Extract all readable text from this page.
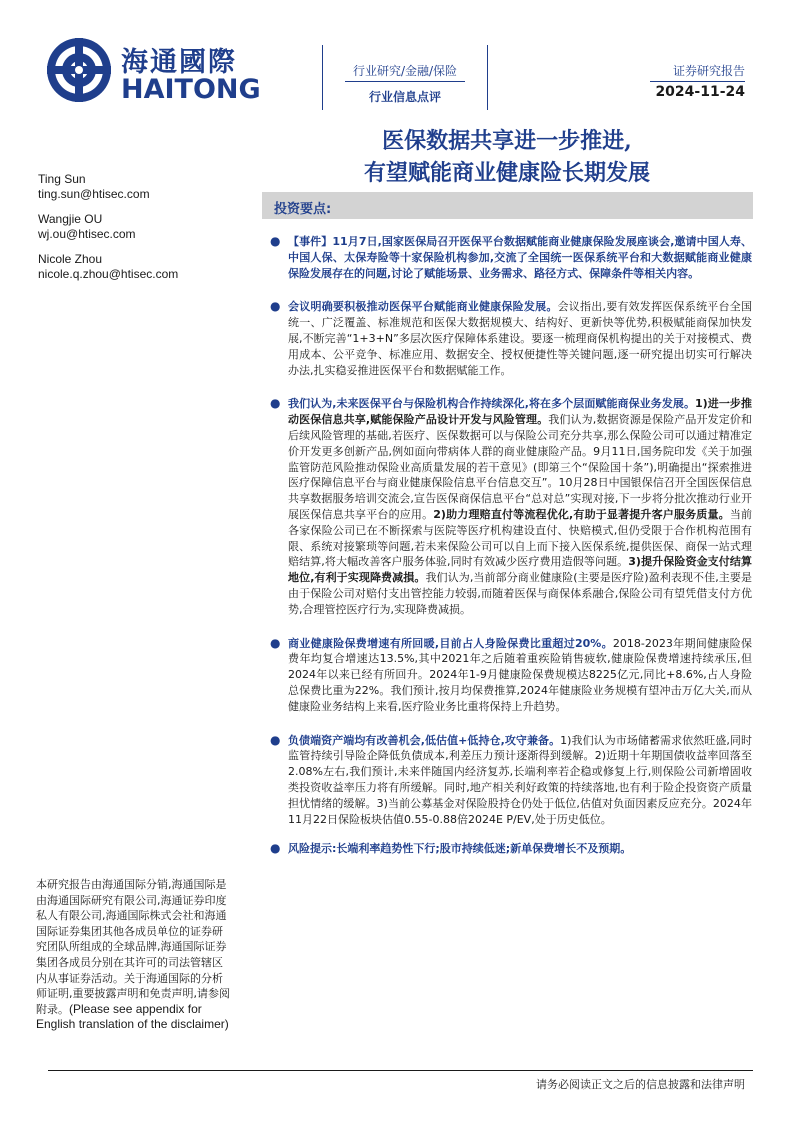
海通國際
HAITONG
行业研究/金融/保险
行业信息点评
证券研究报告
2024-11-24
医保数据共享进一步推进,
有望赋能商业健康险长期发展
Ting Sun
ting.sun@htisec.com
Wangjie OU
wj.ou@htisec.com
Nicole Zhou
nicole.q.zhou@htisec.com
投资要点:
● 【事件】11月7日,国家医保局召开医保平台数据赋能商业健康保险发展座谈会,邀请中国人寿、中国人保、太保寿险等十家保险机构参加,交流了全国统一医保系统平台和大数据赋能商业健康保险发展存在的问题,讨论了赋能场景、业务需求、路径方式、保障条件等相关内容。
● 会议明确要积极推动医保平台赋能商业健康保险发展。会议指出,要有效发挥医保系统平台全国统一、广泛覆盖、标准规范和医保大数据规模大、结构好、更新快等优势,积极赋能商保加快发展,不断完善“1+3+N”多层次医疗保障体系建设。要逐一梳理商保机构提出的关于对接模式、费用成本、公平竞争、标准应用、数据安全、授权便捷性等关键问题,逐一研究提出切实可行解决办法,扎实稳妥推进医保平台和数据赋能工作。
● 我们认为,未来医保平台与保险机构合作持续深化,将在多个层面赋能商保业务发展。1)进一步推动医保信息共享,赋能保险产品设计开发与风险管理。我们认为,数据资源是保险产品开发定价和后续风险管理的基础,若医疗、医保数据可以与保险公司充分共享,那么保险公司可以通过精准定价开发更多创新产品,例如面向带病体人群的商业健康险产品。9月11日,国务院印发《关于加强监管防范风险推动保险业高质量发展的若干意见》(即第三个“保险国十条”),明确提出“探索推进医疗保障信息平台与商业健康保险信息平台信息交互”。10月28日中国银保信召开全国医保信息共享数据服务培训交流会,宣告医保商保信息平台“总对总”实现对接,下一步将分批次推动行业开展医保信息共享平台的应用。2)助力理赔直付等流程优化,有助于显著提升客户服务质量。当前各家保险公司已在不断探索与医院等医疗机构建设直付、快赔模式,但仍受限于合作机构范围有限、系统对接繁琐等问题,若未来保险公司可以自上而下接入医保系统,提供医保、商保一站式理赔结算,将大幅改善客户服务体验,同时有效减少医疗费用造假等问题。3)提升保险资金支付结算地位,有利于实现降费减損。我们认为,当前部分商业健康险(主要是医疗险)盈利表现不佳,主要是由于保险公司对赔付支出管控能力较弱,而随着医保与商保体系融合,保险公司有望凭借支付方优势,合理管控医疗行为,实现降费减损。
● 商业健康险保费增速有所回暖,目前占人身险保费比重超过20%。2018-2023年期间健康险保费年均复合增速达13.5%,其中2021年之后随着重疾险销售疲软,健康险保费增速持续承压,但2024年以来已经有所回升。2024年1-9月健康险保费规模达8225亿元,同比+8.6%,占人身险总保费比重为22%。我们预计,按月均保费推算,2024年健康险业务规模有望冲击万亿大关,而从健康险业务结构上来看,医疗险业务比重将保持上升趋势。
● 负债端资产端均有改善机会,低估值+低持仓,攻守兼备。1)我们认为市场储蓄需求依然旺盛,同时监管持续引导险企降低负债成本,利差压力预计逐渐得到缓解。2)近期十年期国债收益率回落至2.08%左右,我们预计,未来伴随国内经济复苏,长端利率若企稳或修复上行,则保险公司新增固收类投资收益率压力将有所缓解。同时,地产相关利好政策的持续落地,也有利于险企投资资产质量担忧情绪的缓解。3)当前公募基金对保险股持仓仍处于低位,估值对负面因素反应充分。2024年11月22日保险板块估值0.55-0.88倍2024E P/EV,处于历史低位。
● 风险提示:长端利率趋势性下行;股市持续低迷;新单保费增长不及预期。
本研究报告由海通国际分销,海通国际是由海通国际研究有限公司,海通证券印度私人有限公司,海通国际株式会社和海通国际证券集团其他各成员单位的证券研究团队所组成的全球品牌,海通国际证券集团各成员分别在其许可的司法管辖区内从事证券活动。关于海通国际的分析师证明,重要披露声明和免责声明,请参阅附录。(Please see appendix for English translation of the disclaimer)
请务必阅读正文之后的信息披露和法律声明
